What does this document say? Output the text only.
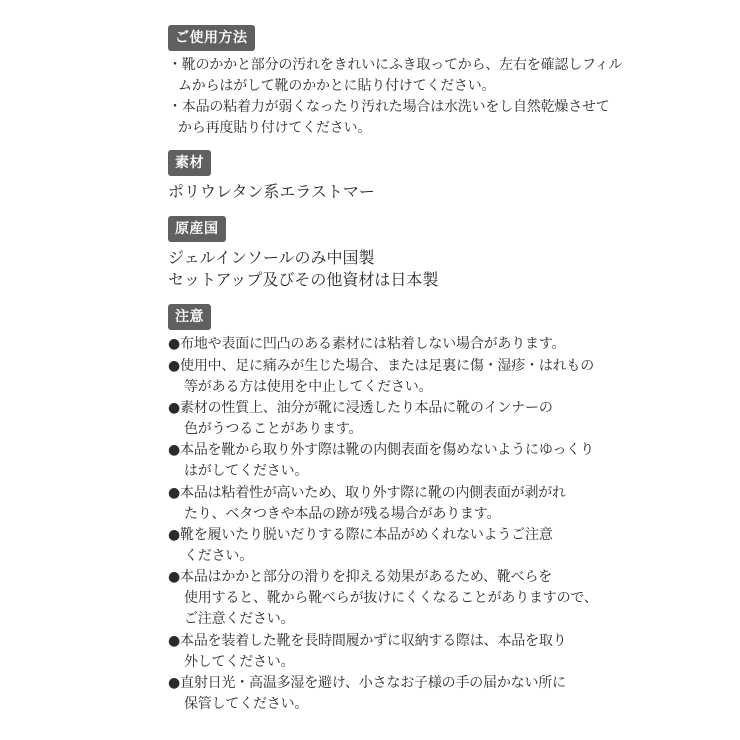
ご使用方法
・靴のかかと部分の汚れをきれいにふき取ってから、左右を確認しフィル
ムからはがして靴のかかとに貼り付けてください。
・本品の粘着力が弱くなったり汚れた場合は水洗いをし自然乾燥させて
から再度貼り付けてください。
素材
ポリウレタン系エラストマー
原産国
ジェルインソールのみ中国製
セットアップ及びその他資材は日本製
注意
●布地や表面に凹凸のある素材には粘着しない場合があります。
●使用中、足に痛みが生じた場合、または足裏に傷・湿疹・はれもの
等がある方は使用を中止してください。
●素材の性質上、油分が靴に浸透したり本品に靴のインナーの
色がうつることがあります。
●本品を靴から取り外す際は靴の内側表面を傷めないようにゆっくり
はがしてください。
●本品は粘着性が高いため、取り外す際に靴の内側表面が剥がれ
たり、ベタつきや本品の跡が残る場合があります。
●靴を履いたり脱いだりする際に本品がめくれないようご注意
ください。
●本品はかかと部分の滑りを抑える効果があるため、靴べらを
使用すると、靴から靴べらが抜けにくくなることがありますので、
ご注意ください。
●本品を装着した靴を長時間履かずに収納する際は、本品を取り
外してください。
●直射日光・高温多湿を避け、小さなお子様の手の届かない所に
保管してください。
